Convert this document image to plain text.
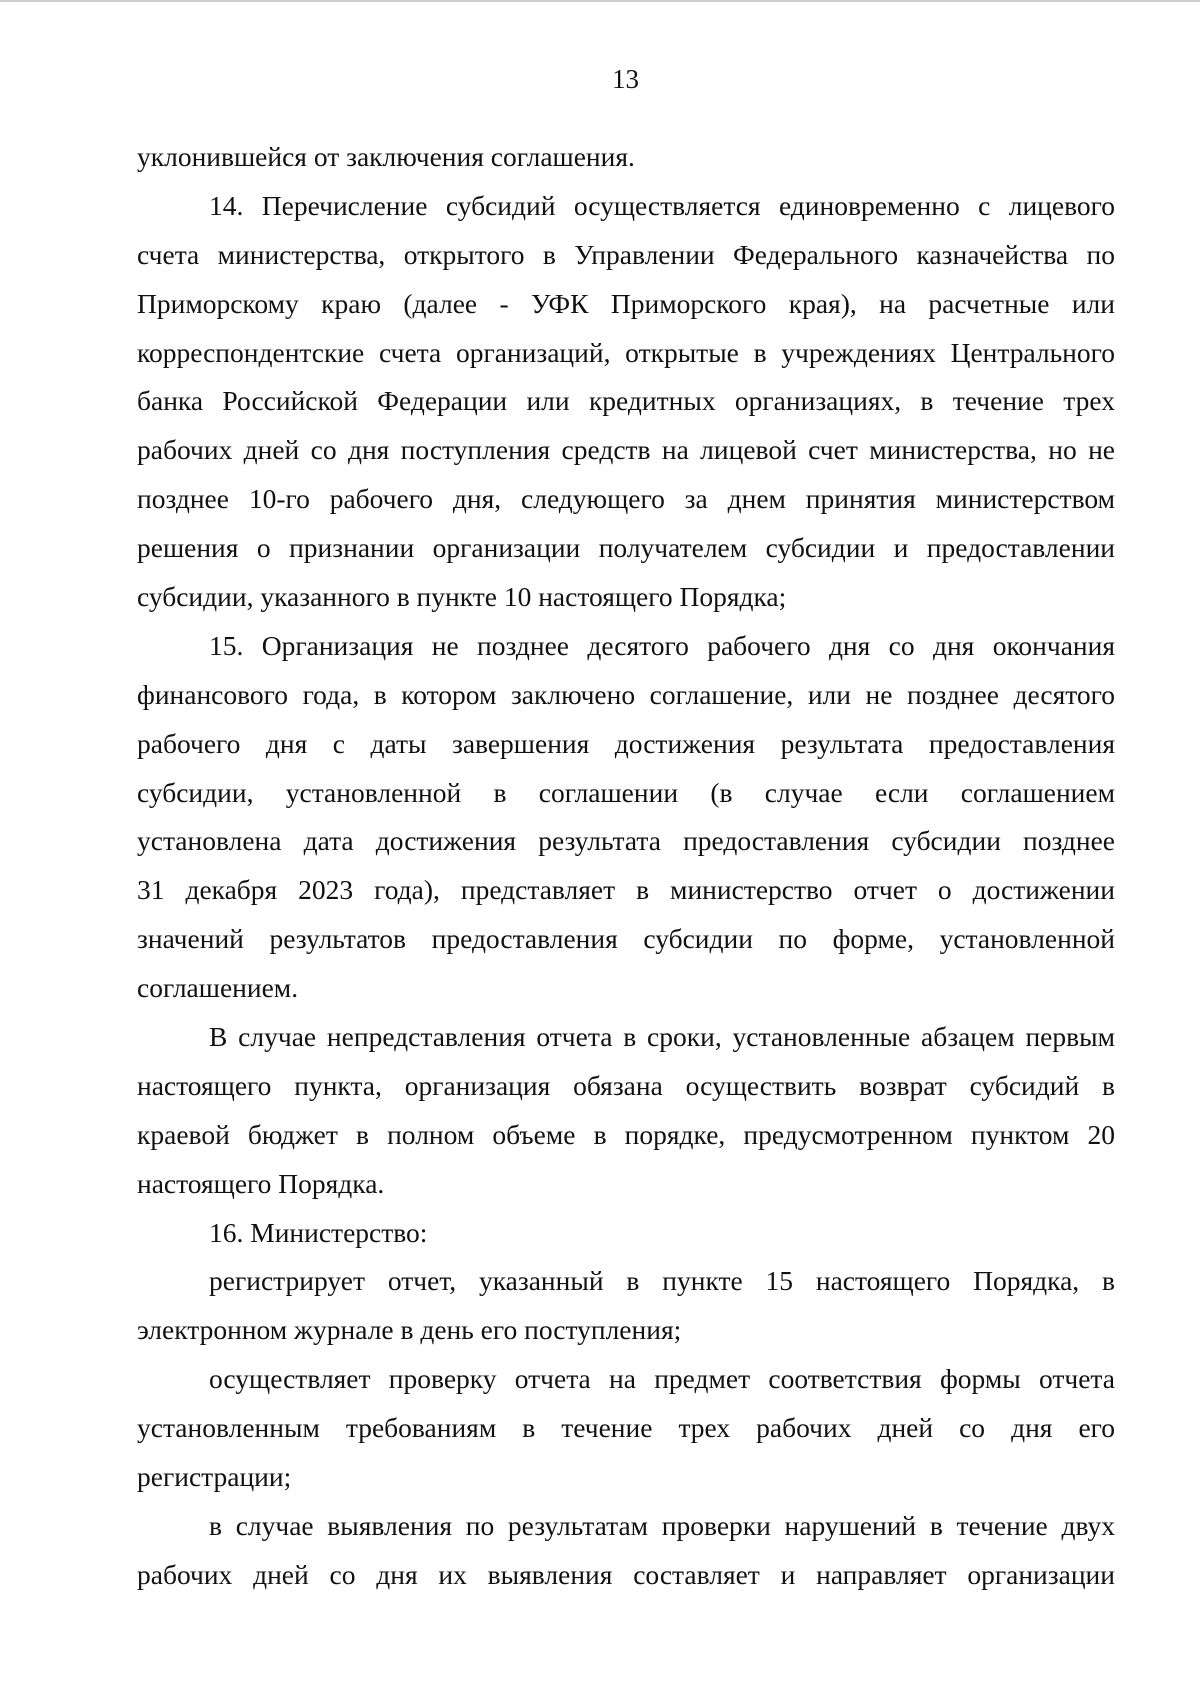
13
уклонившейся от заключения соглашения.
14. Перечисление субсидий осуществляется единовременно с лицевого
счета министерства, открытого в Управлении Федерального казначейства по
Приморскому краю (далее - УФК Приморского края), на расчетные или
корреспондентские счета организаций, открытые в учреждениях Центрального
банка Российской Федерации или кредитных организациях, в течение трех
рабочих дней со дня поступления средств на лицевой счет министерства, но не
позднее 10-го рабочего дня, следующего за днем принятия министерством
решения о признании организации получателем субсидии и предоставлении
субсидии, указанного в пункте 10 настоящего Порядка;
15. Организация не позднее десятого рабочего дня со дня окончания
финансового года, в котором заключено соглашение, или не позднее десятого
рабочего дня с даты завершения достижения результата предоставления
субсидии, установленной в соглашении (в случае если соглашением
установлена дата достижения результата предоставления субсидии позднее
31 декабря 2023 года), представляет в министерство отчет о достижении
значений результатов предоставления субсидии по форме, установленной
соглашением.
В случае непредставления отчета в сроки, установленные абзацем первым
настоящего пункта, организация обязана осуществить возврат субсидий в
краевой бюджет в полном объеме в порядке, предусмотренном пунктом 20
настоящего Порядка.
16. Министерство:
регистрирует отчет, указанный в пункте 15 настоящего Порядка, в
электронном журнале в день его поступления;
осуществляет проверку отчета на предмет соответствия формы отчета
установленным требованиям в течение трех рабочих дней со дня его
регистрации;
в случае выявления по результатам проверки нарушений в течение двух
рабочих дней со дня их выявления составляет и направляет организации
